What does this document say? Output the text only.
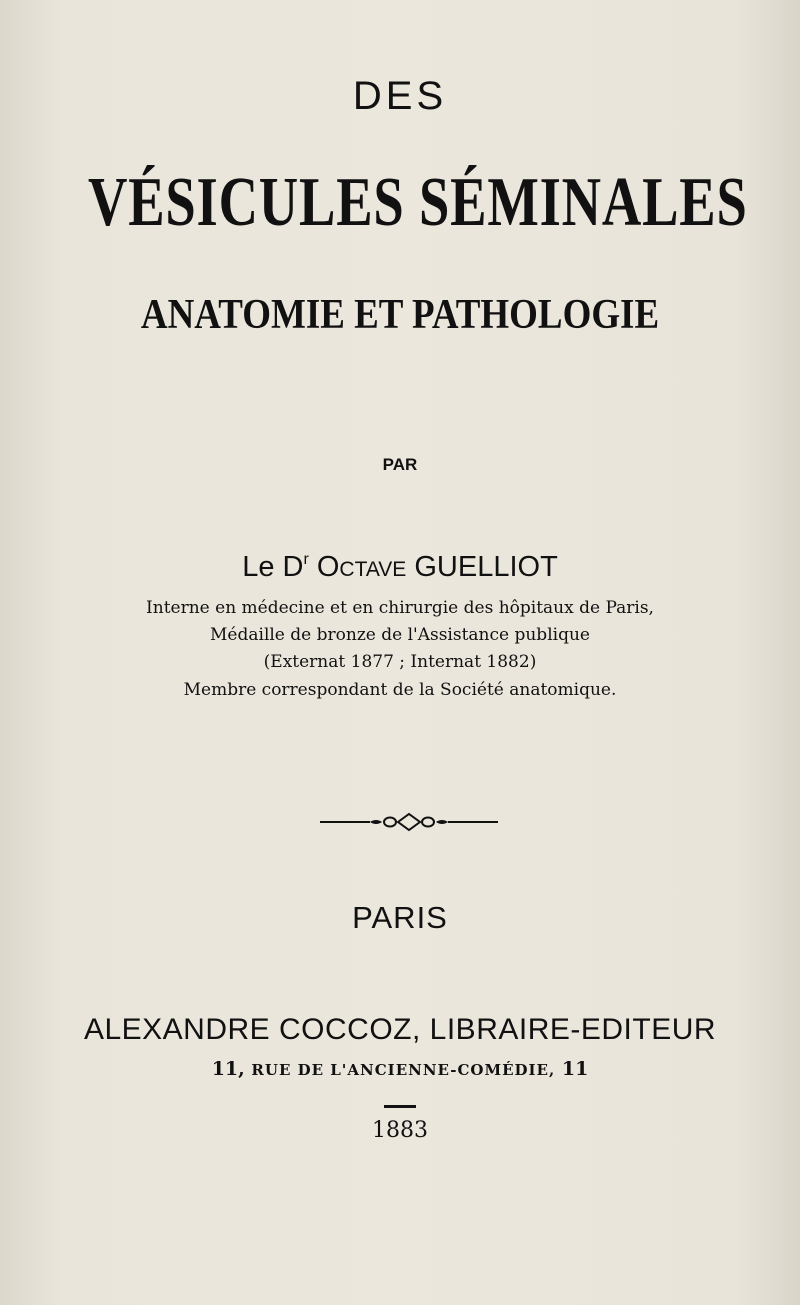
DES
VÉSICULES SÉMINALES
ANATOMIE ET PATHOLOGIE
PAR
Le $D^r$ OCTAVE GUELLIOT
Interne en médecine et en chirurgie des hôpitaux de Paris,
Médaille de bronze de l'Assistance publique
(Externat 1877 ; Internat 1882)
Membre correspondant de la Société anatomique.
PARIS
ALEXANDRE COCCOZ, LIBRAIRE-EDITEUR
11, RUE DE L'ANCIENNE-COMÉDIE, 11
1883
